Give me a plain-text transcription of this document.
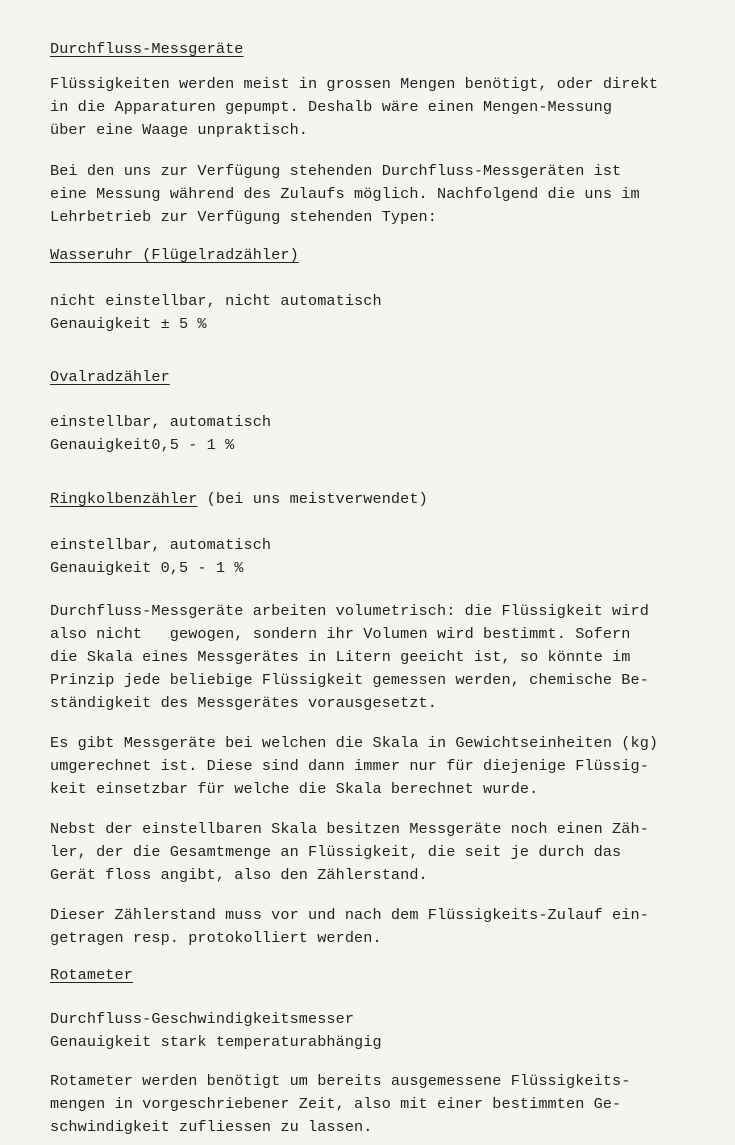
Durchfluss-Messgeräte
Flüssigkeiten werden meist in grossen Mengen benötigt, oder direkt
in die Apparaturen gepumpt. Deshalb wäre einen Mengen-Messung
über eine Waage unpraktisch.
Bei den uns zur Verfügung stehenden Durchfluss-Messgeräten ist
eine Messung während des Zulaufs möglich. Nachfolgend die uns im
Lehrbetrieb zur Verfügung stehenden Typen:
Wasseruhr (Flügelradzähler)
nicht einstellbar, nicht automatisch
Genauigkeit ± 5 %
Ovalradzähler
einstellbar, automatisch
Genauigkeit0,5 - 1 %
Ringkolbenzähler (bei uns meistverwendet)
einstellbar, automatisch
Genauigkeit 0,5 - 1 %
Durchfluss-Messgeräte arbeiten volumetrisch: die Flüssigkeit wird
also nicht   gewogen, sondern ihr Volumen wird bestimmt. Sofern
die Skala eines Messgerätes in Litern geeicht ist, so könnte im
Prinzip jede beliebige Flüssigkeit gemessen werden, chemische Be-
ständigkeit des Messgerätes vorausgesetzt.
Es gibt Messgeräte bei welchen die Skala in Gewichtseinheiten (kg)
umgerechnet ist. Diese sind dann immer nur für diejenige Flüssig-
keit einsetzbar für welche die Skala berechnet wurde.
Nebst der einstellbaren Skala besitzen Messgeräte noch einen Zäh-
ler, der die Gesamtmenge an Flüssigkeit, die seit je durch das
Gerät floss angibt, also den Zählerstand.
Dieser Zählerstand muss vor und nach dem Flüssigkeits-Zulauf ein-
getragen resp. protokolliert werden.
Rotameter
Durchfluss-Geschwindigkeitsmesser
Genauigkeit stark temperaturabhängig
Rotameter werden benötigt um bereits ausgemessene Flüssigkeits-
mengen in vorgeschriebener Zeit, also mit einer bestimmten Ge-
schwindigkeit zufliessen zu lassen.
